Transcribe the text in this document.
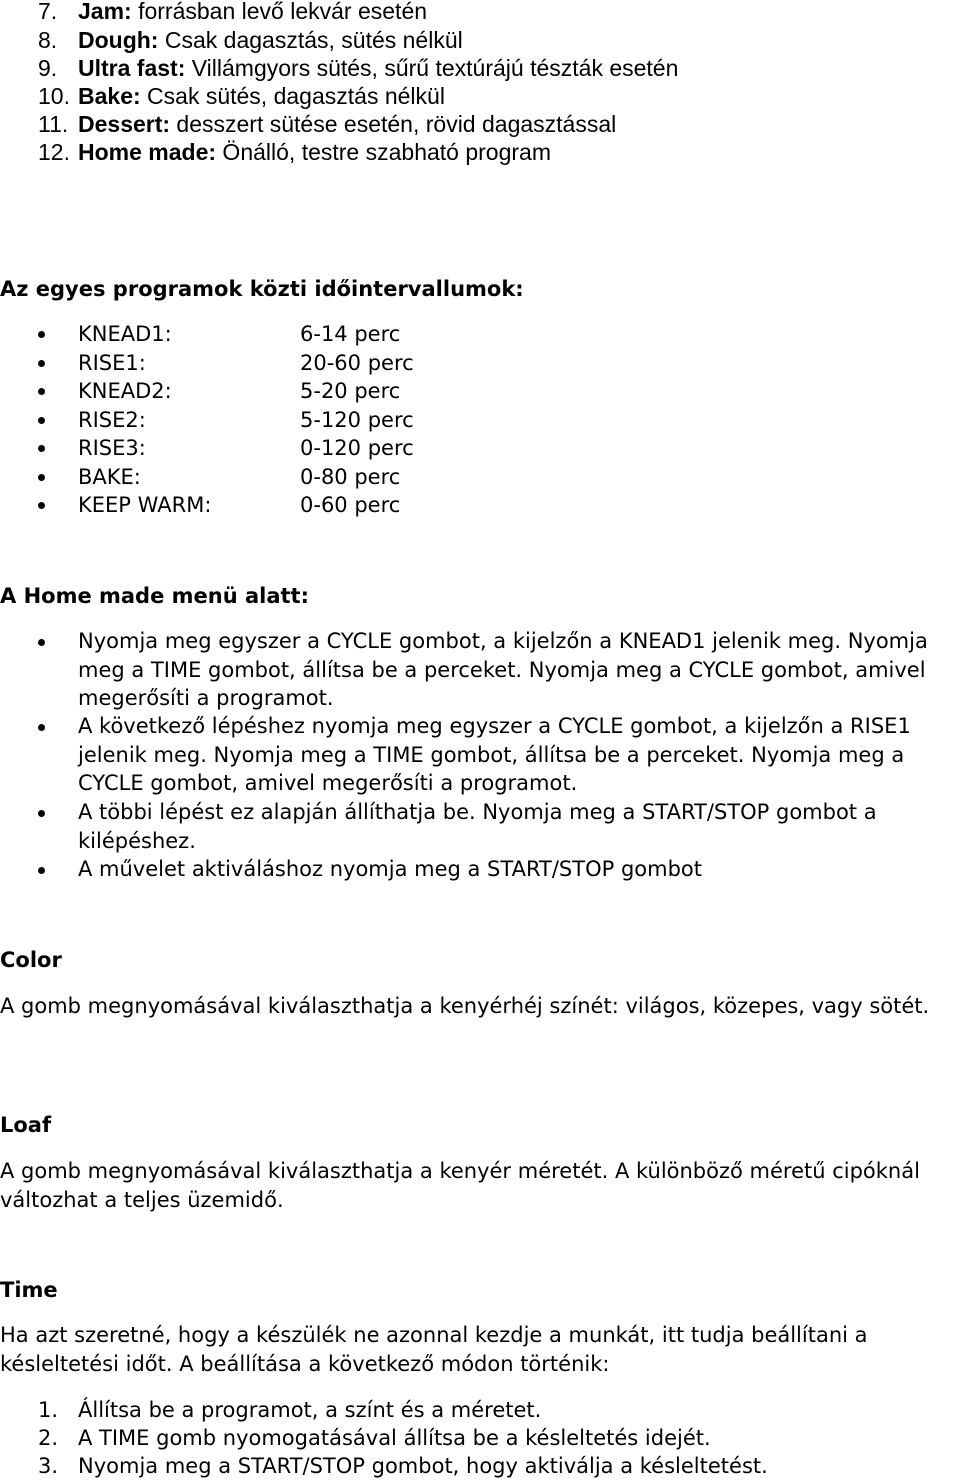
7. Jam: forrásban levő lekvár esetén
8. Dough: Csak dagasztás, sütés nélkül
9. Ultra fast: Villámgyors sütés, sűrű textúrájú tészták esetén
10. Bake: Csak sütés, dagasztás nélkül
11. Dessert: desszert sütése esetén, rövid dagasztással
12. Home made: Önálló, testre szabható program
Az egyes programok közti időintervallumok:
KNEAD1:	6-14 perc
RISE1:	20-60 perc
KNEAD2:	5-20 perc
RISE2:	5-120 perc
RISE3:	0-120 perc
BAKE:	0-80 perc
KEEP WARM:	0-60 perc
A Home made menü alatt:
Nyomja meg egyszer a CYCLE gombot, a kijelzőn a KNEAD1 jelenik meg. Nyomja meg a TIME gombot, állítsa be a perceket. Nyomja meg a CYCLE gombot, amivel megerősíti a programot.
A következő lépéshez nyomja meg egyszer a CYCLE gombot, a kijelzőn a RISE1 jelenik meg. Nyomja meg a TIME gombot, állítsa be a perceket. Nyomja meg a CYCLE gombot, amivel megerősíti a programot.
A többi lépést ez alapján állíthatja be. Nyomja meg a START/STOP gombot a kilépéshez.
A művelet aktiváláshoz nyomja meg a START/STOP gombot
Color
A gomb megnyomásával kiválaszthatja a kenyérhéj színét: világos, közepes, vagy sötét.
Loaf
A gomb megnyomásával kiválaszthatja a kenyér méretét. A különböző méretű cipóknál változhat a teljes üzemidő.
Time
Ha azt szeretné, hogy a készülék ne azonnal kezdje a munkát, itt tudja beállítani a késleltetési időt. A beállítása a következő módon történik:
1. Állítsa be a programot, a színt és a méretet.
2. A TIME gomb nyomogatásával állítsa be a késleltetés idejét.
3. Nyomja meg a START/STOP gombot, hogy aktiválja a késleltetést.
